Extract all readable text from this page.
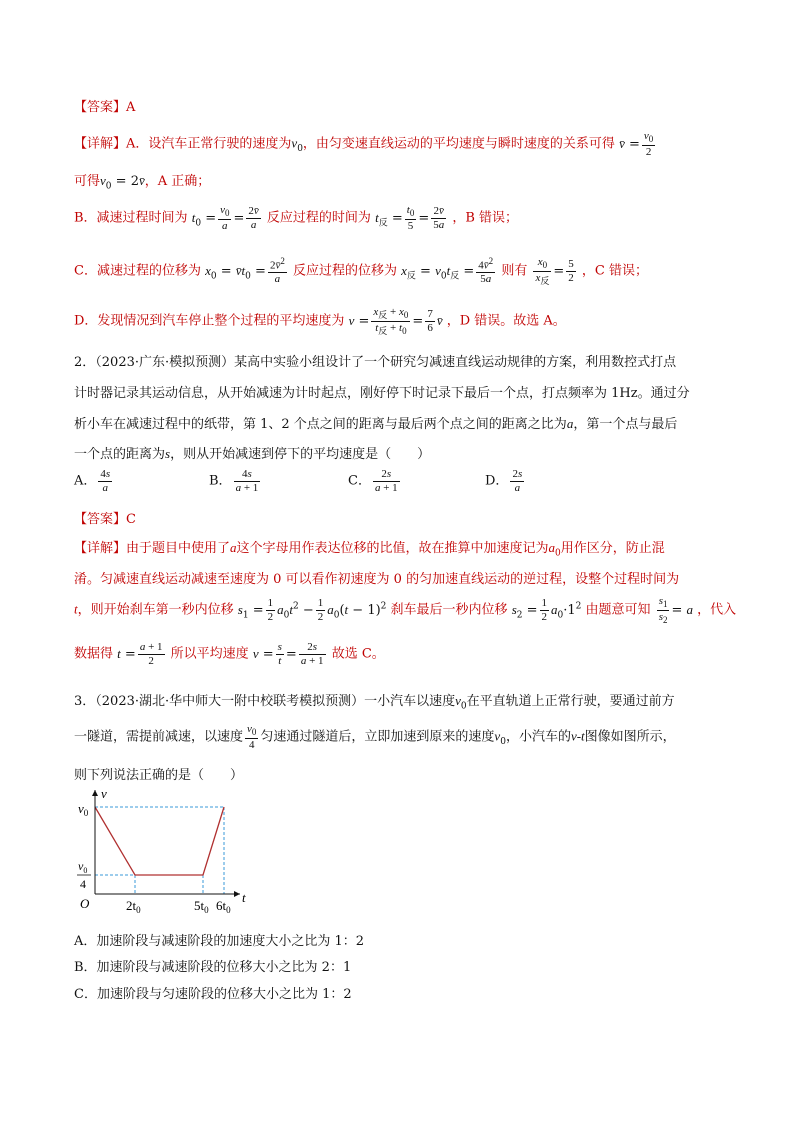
【答案】A
【详解】A．设汽车正常行驶的速度为$v_0$，由匀变速直线运动的平均速度与瞬时速度的关系可得 v̄ = $\frac{v_0}{2}$
可得$v_0$ = 2v̄，A 正确；
B．减速过程时间为 $t_0 = \frac{v_0}{a} = \frac{2v̄}{a}$ 反应过程的时间为 $t_反 = \frac{t_0}{5} = \frac{2v̄}{5a}$ ，B 错误；
C．减速过程的位移为 $x_0$ = $v̄t_0 = \frac{2v̄^2}{a}$ 反应过程的位移为 $x_反 = v_0t_反 = \frac{4v̄^2}{5a}$ 则有 $\frac{x_0}{x_反} = \frac{5}{2}$ ，C 错误；
D．发现情况到汽车停止整个过程的平均速度为 $v = \frac{x_反 + x_0}{t_反 + t_0} = \frac{7}{6}$ v̄ ，D 错误。故选 A。
2．（2023·广东·模拟预测）某高中实验小组设计了一个研究匀减速直线运动规律的方案，利用数控式打点
计时器记录其运动信息，从开始减速为计时起点，刚好停下时记录下最后一个点，打点频率为 1Hz。通过分
析小车在减速过程中的纸带，第 1、2 个点之间的距离与最后两个点之间的距离之比为a，第一个点与最后
一个点的距离为s，则从开始减速到停下的平均速度是（　　）
A． $\frac{4s}{a}$	B． $\frac{4s}{a + 1}$	C． $\frac{2s}{a + 1}$	D． $\frac{2s}{a}$
【答案】C
【详解】由于题目中使用了a这个字母用作表达位移的比值，故在推算中加速度记为$a_0$用作区分，防止混
淆。匀减速直线运动减速至速度为 0 可以看作初速度为 0 的匀加速直线运动的逆过程，设整个过程时间为
t，则开始刹车第一秒内位移 $s_1 = \frac{1}{2} a_0t^2 - \frac{1}{2} a_0(t - 1)^2$ 刹车最后一秒内位移 $s_2 = \frac{1}{2} a_0\cdot 1^2$ 由题意可知 $\frac{s_1}{s_2} = a$ ，代入
数据得 $t = \frac{a + 1}{2}$ 所以平均速度 $v = \frac{s}{t} = \frac{2s}{a + 1}$ 故选 C。
3．（2023·湖北·华中师大一附中校联考模拟预测）一小汽车以速度$v_0$在平直轨道上正常行驶，要通过前方
一隧道，需提前减速，以速度 $\frac{v_0}{4}$ 匀速通过隧道后，立即加速到原来的速度$v_0$，小汽车的v-t图像如图所示，
则下列说法正确的是（　　）
v
t
O
$v_0$
$v_0$
4
$2t_0$	$5t_0$ $6t_0$
A．加速阶段与减速阶段的加速度大小之比为 1：2
B．加速阶段与减速阶段的位移大小之比为 2：1
C．加速阶段与匀速阶段的位移大小之比为 1：2
